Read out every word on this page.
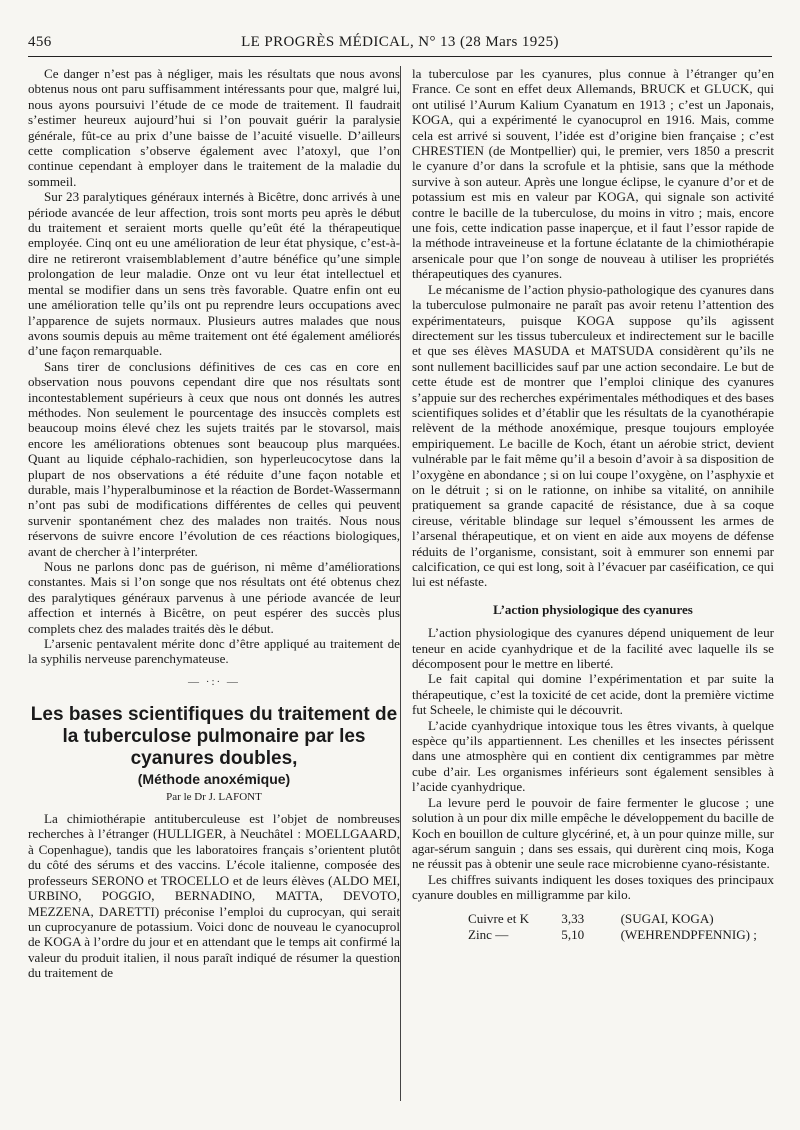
456	LE PROGRÈS MÉDICAL, N° 13 (28 Mars 1925)

Ce danger n’est pas à négliger, mais les résultats que nous avons obtenus nous ont paru suffisamment intéressants pour que, malgré lui, nous ayons poursuivi l’étude de ce mode de traitement. Il faudrait s’estimer heureux aujourd’hui si l’on pouvait guérir la paralysie générale, fût-ce au prix d’une baisse de l’acuité visuelle. D’ailleurs cette complication s’observe également avec l’atoxyl, que l’on continue cependant à employer dans le traitement de la maladie du sommeil.

Sur 23 paralytiques généraux internés à Bicêtre, donc arrivés à une période avancée de leur affection, trois sont morts peu après le début du traitement et seraient morts quelle qu’eût été la thérapeutique employée. Cinq ont eu une amélioration de leur état physique, c’est-à-dire ne retireront vraisemblablement d’autre bénéfice qu’une simple prolongation de leur maladie. Onze ont vu leur état intellectuel et mental se modifier dans un sens très favorable. Quatre enfin ont eu une amélioration telle qu’ils ont pu reprendre leurs occupations avec l’apparence de sujets normaux. Plusieurs autres malades que nous avons soumis depuis au même traitement ont été également améliorés d’une façon remarquable.

Sans tirer de conclusions définitives de ces cas en core en observation nous pouvons cependant dire que nos résultats sont incontestablement supérieurs à ceux que nous ont donnés les autres méthodes. Non seulement le pourcentage des insuccès complets est beaucoup moins élevé chez les sujets traités par le stovarsol, mais encore les améliorations obtenues sont beaucoup plus marquées. Quant au liquide céphalo-rachidien, son hyperleucocytose dans la plupart de nos observations a été réduite d’une façon notable et durable, mais l’hyperalbuminose et la réaction de Bordet-Wassermann n’ont pas subi de modifications différentes de celles qui peuvent survenir spontanément chez des malades non traités. Nous nous réservons de suivre encore l’évolution de ces réactions biologiques, avant de chercher à l’interpréter.

Nous ne parlons donc pas de guérison, ni même d’améliorations constantes. Mais si l’on songe que nos résultats ont été obtenus chez des paralytiques généraux parvenus à une période avancée de leur affection et internés à Bicêtre, on peut espérer des succès plus complets chez des malades traités dès le début.

L’arsenic pentavalent mérite donc d’être appliqué au traitement de la syphilis nerveuse parenchymateuse.

— ·:· —
Les bases scientifiques du traitement de la tuberculose pulmonaire par les cyanures doubles,
(Méthode anoxémique)
Par le Dr J. LAFONT

La chimiothérapie antituberculeuse est l’objet de nombreuses recherches à l’étranger (HULLIGER, à Neuchâtel : MOELLGAARD, à Copenhague), tandis que les laboratoires français s’orientent plutôt du côté des sérums et des vaccins. L’école italienne, composée des professeurs SERONO et TROCELLO et de leurs élèves (ALDO MEI, URBINO, POGGIO, BERNADINO, MATTA, DEVOTO, MEZZENA, DARETTI) préconise l’emploi du cuprocyan, qui serait un cuprocyanure de potassium. Voici donc de nouveau le cyanocuprol de KOGA à l’ordre du jour et en attendant que le temps ait confirmé la valeur du produit italien, il nous paraît indiqué de résumer la question du traitement de

la tuberculose par les cyanures, plus connue à l’étranger qu’en France. Ce sont en effet deux Allemands, BRUCK et GLUCK, qui ont utilisé l’Aurum Kalium Cyanatum en 1913 ; c’est un Japonais, KOGA, qui a expérimenté le cyanocuprol en 1916. Mais, comme cela est arrivé si souvent, l’idée est d’origine bien française ; c’est CHRESTIEN (de Montpellier) qui, le premier, vers 1850 a prescrit le cyanure d’or dans la scrofule et la phtisie, sans que la méthode survive à son auteur. Après une longue éclipse, le cyanure d’or et de potassium est mis en valeur par KOGA, qui signale son activité contre le bacille de la tuberculose, du moins in vitro ; mais, encore une fois, cette indication passe inaperçue, et il faut l’essor rapide de la méthode intraveineuse et la fortune éclatante de la chimiothérapie arsenicale pour que l’on songe de nouveau à utiliser les propriétés thérapeutiques des cyanures.

Le mécanisme de l’action physio-pathologique des cyanures dans la tuberculose pulmonaire ne paraît pas avoir retenu l’attention des expérimentateurs, puisque KOGA suppose qu’ils agissent directement sur les tissus tuberculeux et indirectement sur le bacille et que ses élèves MASUDA et MATSUDA considèrent qu’ils ne sont nullement bacillicides sauf par une action secondaire. Le but de cette étude est de montrer que l’emploi clinique des cyanures s’appuie sur des recherches expérimentales méthodiques et des bases scientifiques solides et d’établir que les résultats de la cyanothérapie relèvent de la méthode anoxémique, presque toujours employée empiriquement. Le bacille de Koch, étant un aérobie strict, devient vulnérable par le fait même qu’il a besoin d’avoir à sa disposition de l’oxygène en abondance ; si on lui coupe l’oxygène, on l’asphyxie et on le détruit ; si on le rationne, on inhibe sa vitalité, on annihile pratiquement sa grande capacité de résistance, due à sa coque cireuse, véritable blindage sur lequel s’émoussent les armes de l’arsenal thérapeutique, et on vient en aide aux moyens de défense réduits de l’organisme, consistant, soit à emmurer son ennemi par calcification, ce qui est long, soit à l’évacuer par caséification, ce qui lui est néfaste.

L’action physiologique des cyanures

L’action physiologique des cyanures dépend uniquement de leur teneur en acide cyanhydrique et de la facilité avec laquelle ils se décomposent pour le mettre en liberté.

Le fait capital qui domine l’expérimentation et par suite la thérapeutique, c’est la toxicité de cet acide, dont la première victime fut Scheele, le chimiste qui le découvrit.

L’acide cyanhydrique intoxique tous les êtres vivants, à quelque espèce qu’ils appartiennent. Les chenilles et les insectes périssent dans une atmosphère qui en contient dix centigrammes par mètre cube d’air. Les organismes inférieurs sont également sensibles à l’acide cyanhydrique.

La levure perd le pouvoir de faire fermenter le glucose ; une solution à un pour dix mille empêche le développement du bacille de Koch en bouillon de culture glycériné, et, à un pour quinze mille, sur agar-sérum sanguin ; dans ses essais, qui durèrent cinq mois, Koga ne réussit pas à obtenir une seule race microbienne cyano-résistante.

Les chiffres suivants indiquent les doses toxiques des principaux cyanure doubles en milligramme par kilo.

Cuivre et K 3,33	(SUGAI, KOGA)
Zinc —	5,10	(WEHRENDPFENNIG) ;
